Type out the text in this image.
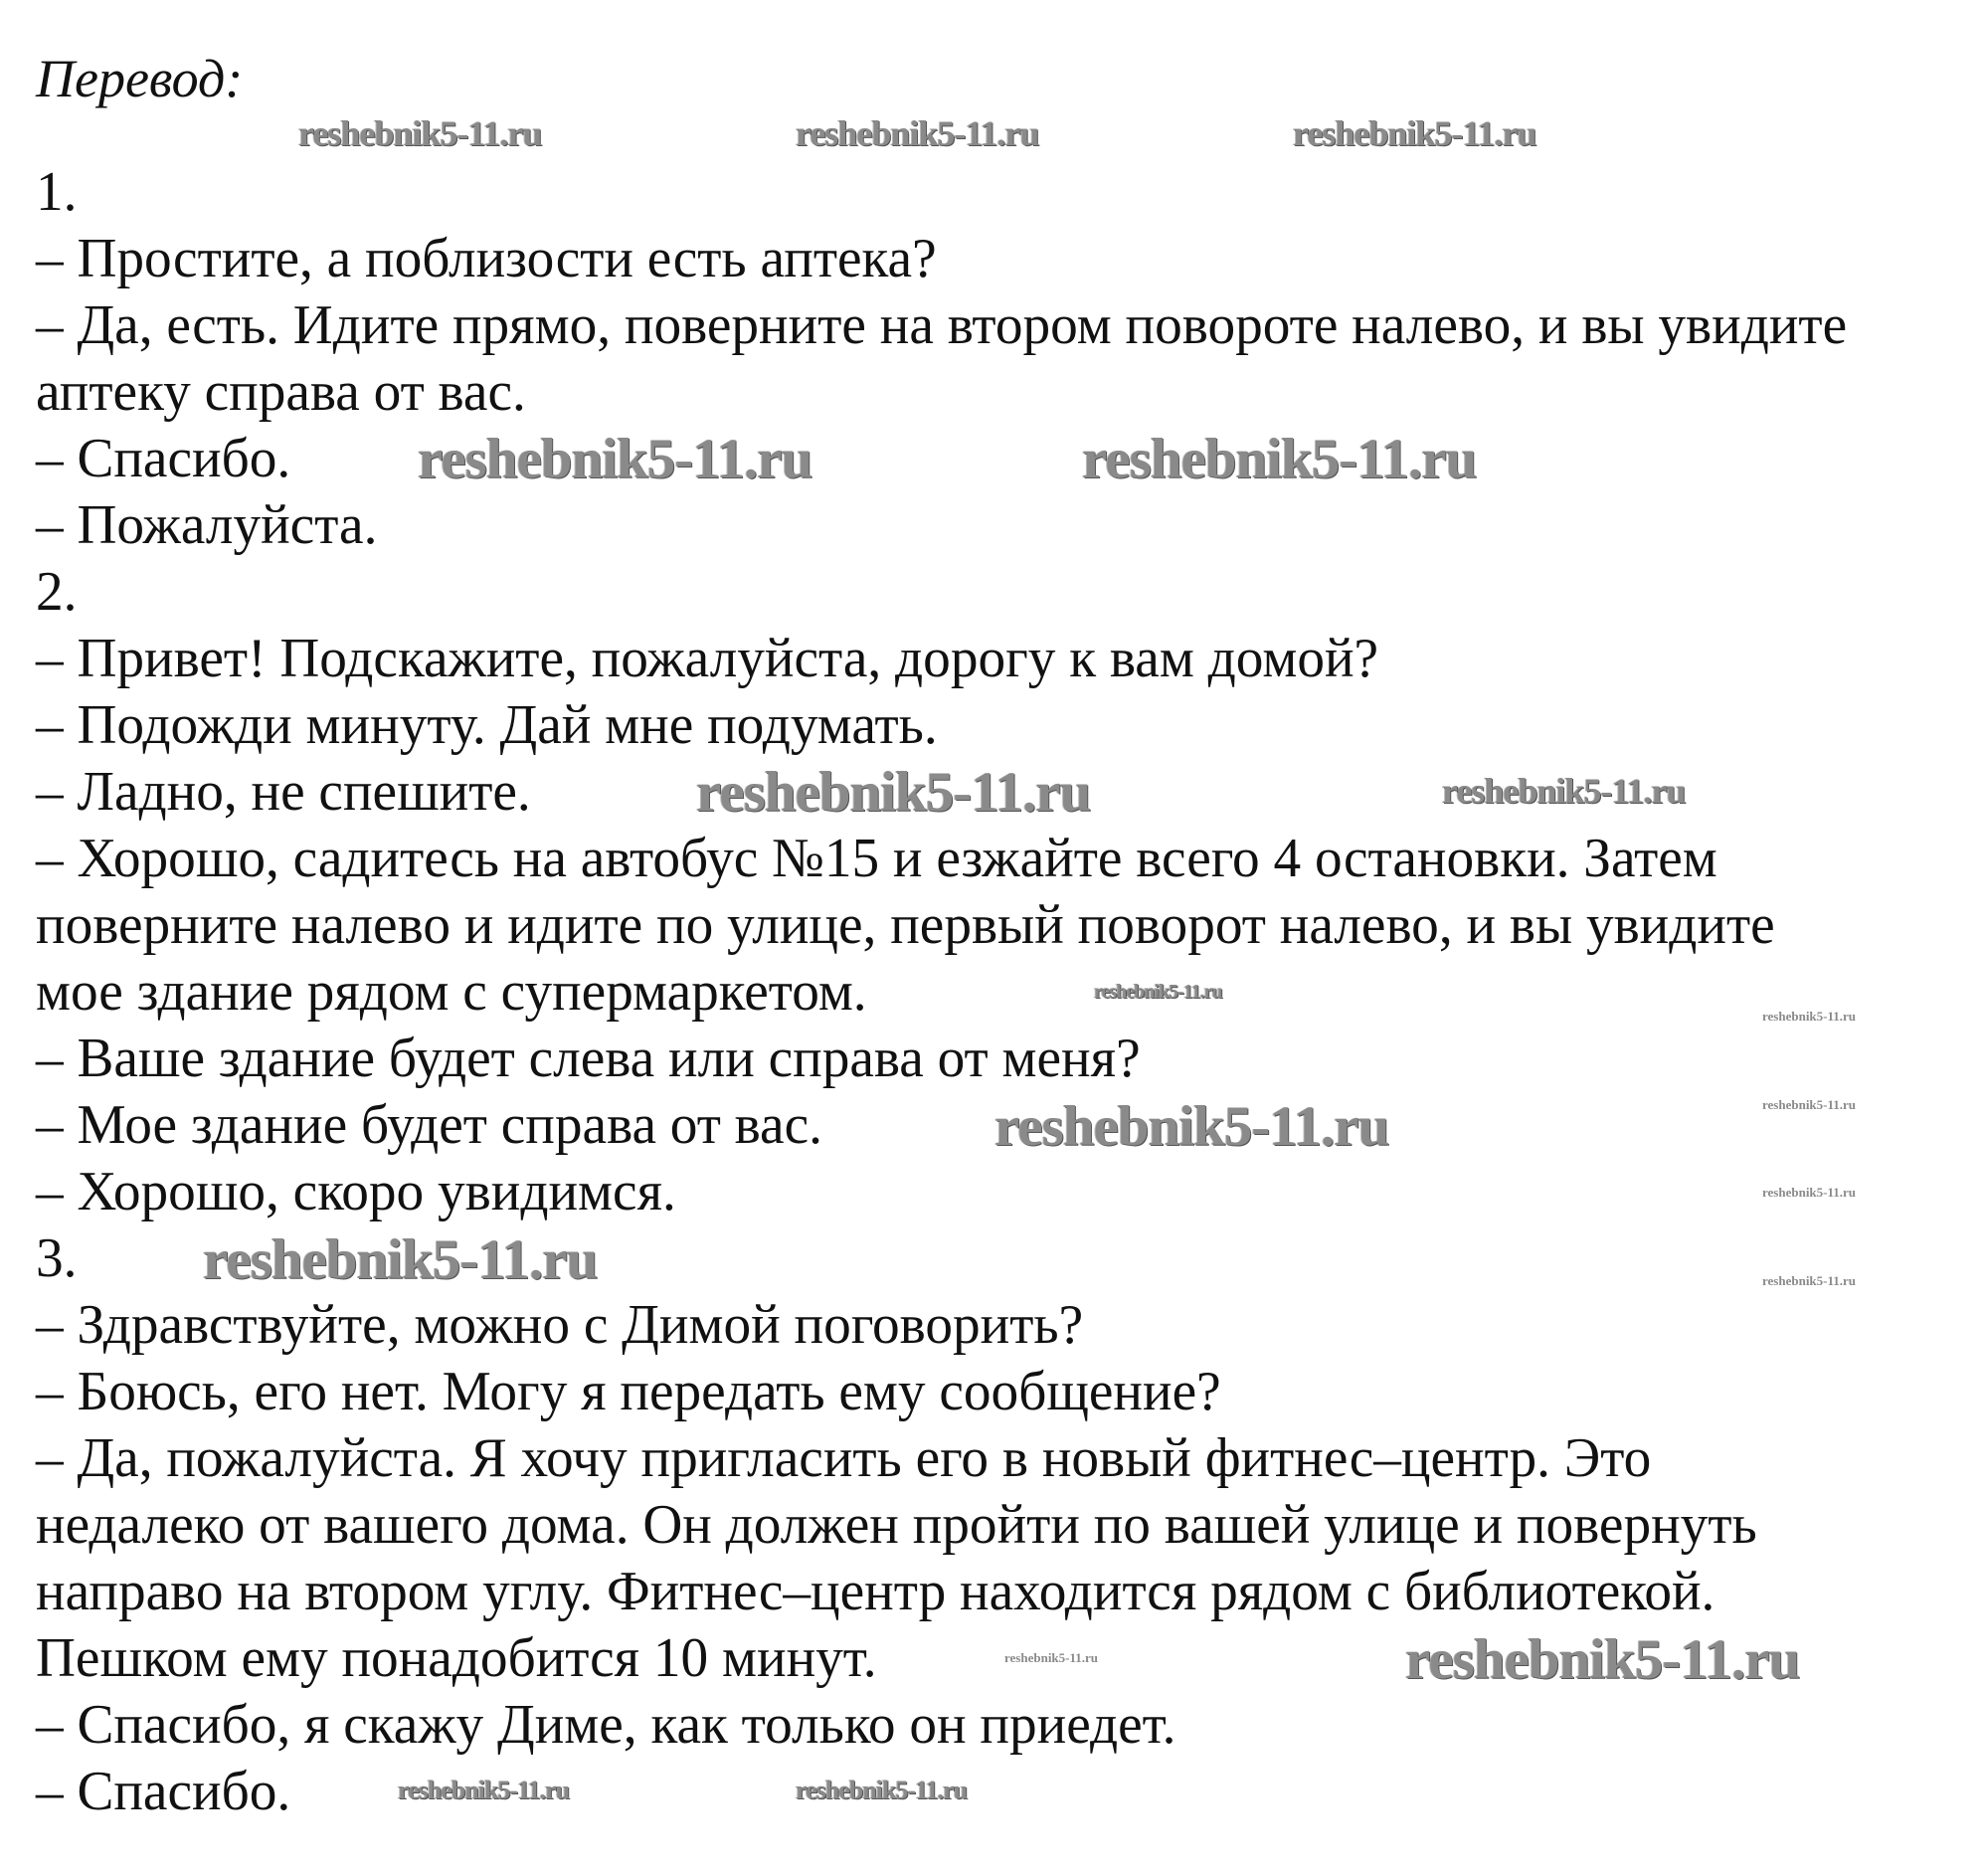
Перевод:
1.
– Простите, а поблизости есть аптека?
– Да, есть. Идите прямо, поверните на втором повороте налево, и вы увидите
аптеку справа от вас.
– Спасибо.
– Пожалуйста.
2.
– Привет! Подскажите, пожалуйста, дорогу к вам домой?
– Подожди минуту. Дай мне подумать.
– Ладно, не спешите.
– Хорошо, садитесь на автобус №15 и езжайте всего 4 остановки. Затем
поверните налево и идите по улице, первый поворот налево, и вы увидите
мое здание рядом с супермаркетом.
– Ваше здание будет слева или справа от меня?
– Мое здание будет справа от вас.
– Хорошо, скоро увидимся.
3.
– Здравствуйте, можно с Димой поговорить?
– Боюсь, его нет. Могу я передать ему сообщение?
– Да, пожалуйста. Я хочу пригласить его в новый фитнес–центр. Это
недалеко от вашего дома. Он должен пройти по вашей улице и повернуть
направо на втором углу. Фитнес–центр находится рядом с библиотекой.
Пешком ему понадобится 10 минут.
– Спасибо, я скажу Диме, как только он приедет.
– Спасибо.
reshebnik5-11.ru	reshebnik5-11.ru	reshebnik5-11.ru
reshebnik5-11.ru	reshebnik5-11.ru
reshebnik5-11.ru	reshebnik5-11.ru
reshebnik5-11.ru
reshebnik5-11.ru
reshebnik5-11.ru
reshebnik5-11.ru
reshebnik5-11.ru
reshebnik5-11.ru
reshebnik5-11.ru
reshebnik5-11.ru
reshebnik5-11.ru
reshebnik5-11.ru
reshebnik5-11.ru
